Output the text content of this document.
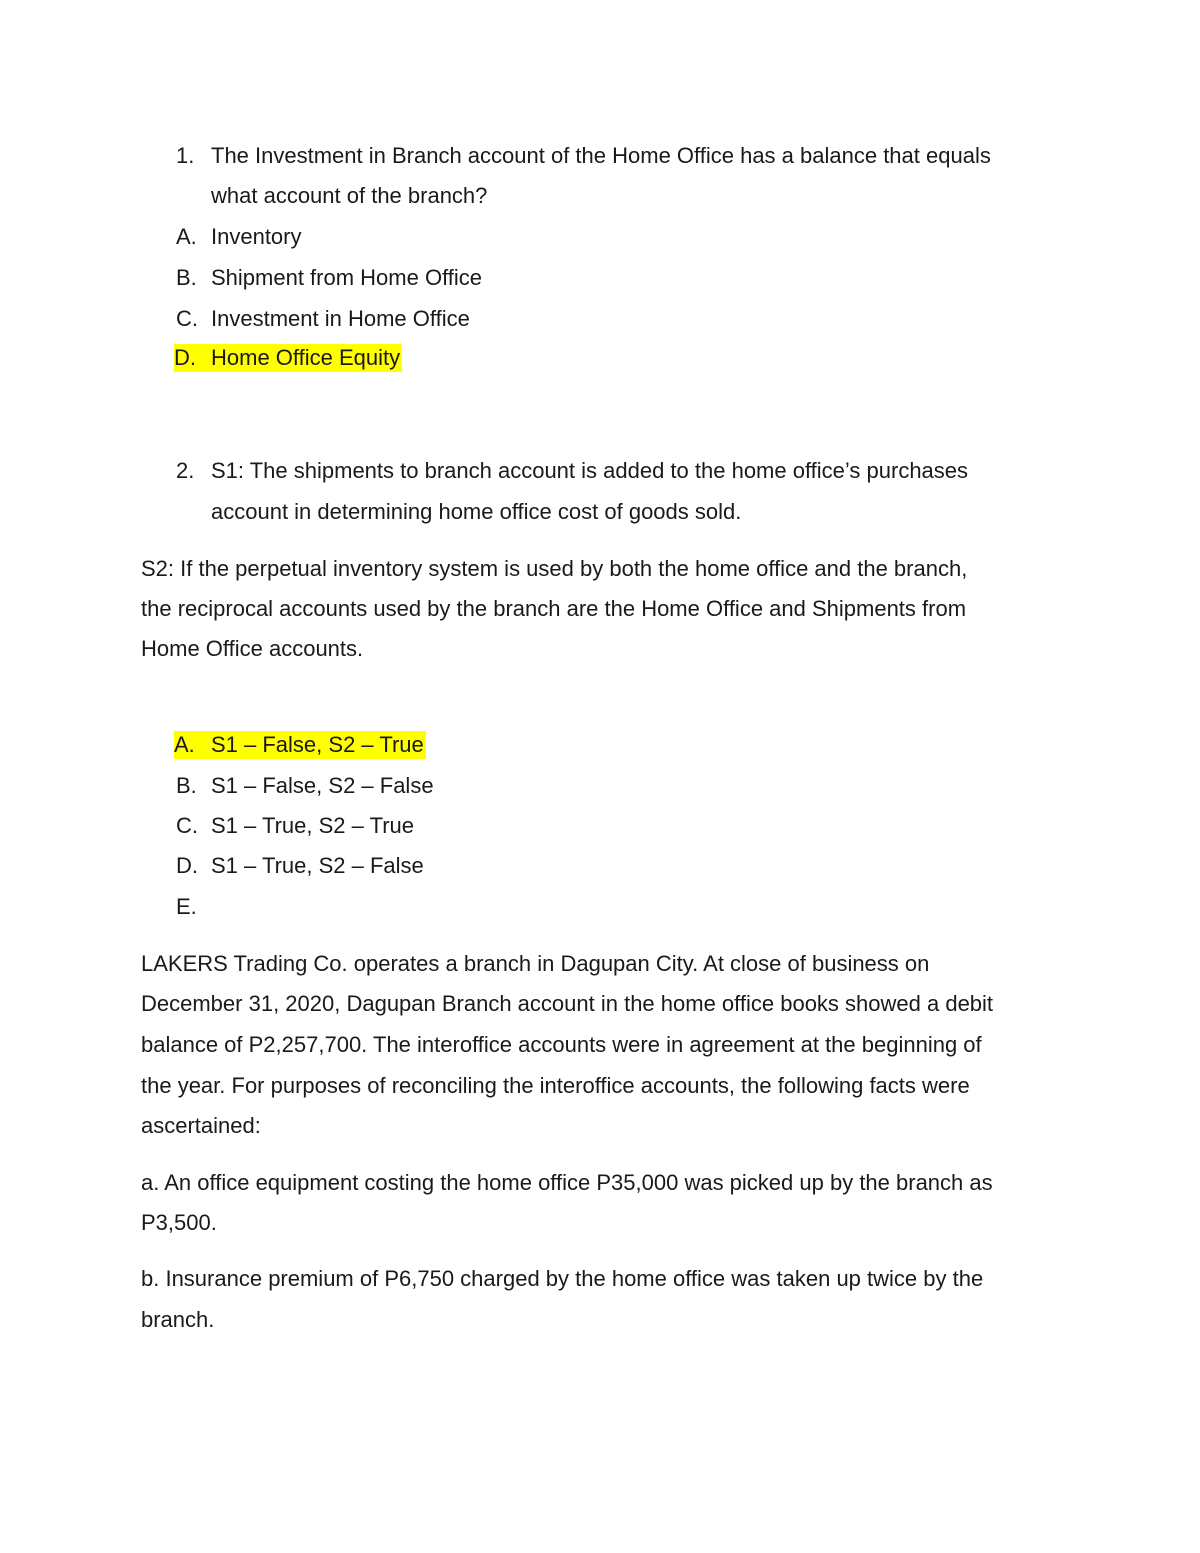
1. The Investment in Branch account of the Home Office has a balance that equals
what account of the branch?
A. Inventory
B. Shipment from Home Office
C. Investment in Home Office
D. Home Office Equity
2. S1: The shipments to branch account is added to the home office’s purchases
account in determining home office cost of goods sold.
S2: If the perpetual inventory system is used by both the home office and the branch,
the reciprocal accounts used by the branch are the Home Office and Shipments from
Home Office accounts.
A. S1 – False, S2 – True
B. S1 – False, S2 – False
C. S1 – True, S2 – True
D. S1 – True, S2 – False
E.
LAKERS Trading Co. operates a branch in Dagupan City. At close of business on
December 31, 2020, Dagupan Branch account in the home office books showed a debit
balance of P2,257,700. The interoffice accounts were in agreement at the beginning of
the year. For purposes of reconciling the interoffice accounts, the following facts were
ascertained:
a. An office equipment costing the home office P35,000 was picked up by the branch as
P3,500.
b. Insurance premium of P6,750 charged by the home office was taken up twice by the
branch.
